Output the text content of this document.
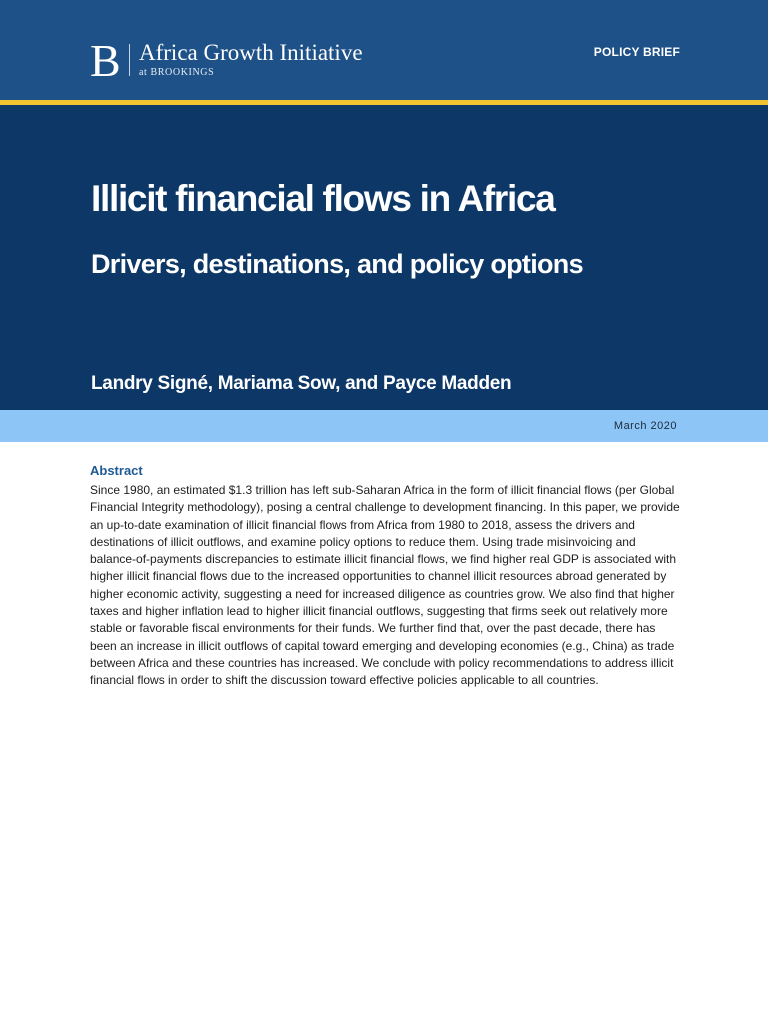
B Africa Growth Initiative
at BROOKINGS
POLICY BRIEF
Illicit financial flows in Africa
Drivers, destinations, and policy options
Landry Signé, Mariama Sow, and Payce Madden
March 2020
Abstract

Since 1980, an estimated $1.3 trillion has left sub-Saharan Africa in the form of illicit financial flows (per Global Financial Integrity methodology), posing a central challenge to development financing. In this paper, we provide an up-to-date examination of illicit financial flows from Africa from 1980 to 2018, assess the drivers and destinations of illicit outflows, and examine policy options to reduce them. Using trade misinvoicing and balance-of-payments discrepancies to estimate illicit financial flows, we find higher real GDP is associated with higher illicit financial flows due to the increased opportunities to channel illicit resources abroad generated by higher economic activity, suggesting a need for increased diligence as countries grow. We also find that higher taxes and higher inflation lead to higher illicit financial outflows, suggesting that firms seek out relatively more stable or favorable fiscal environments for their funds. We further find that, over the past decade, there has been an increase in illicit outflows of capital toward emerging and developing economies (e.g., China) as trade between Africa and these countries has increased. We conclude with policy recommendations to address illicit financial flows in order to shift the discussion toward effective policies applicable to all countries.
